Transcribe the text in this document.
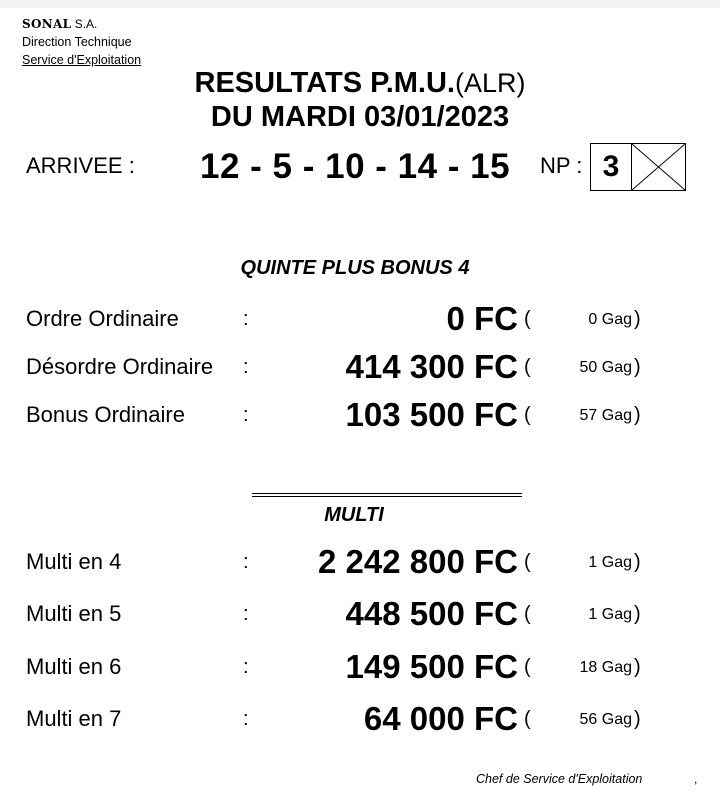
SONAL S.A.
Direction Technique
Service d'Exploitation
RESULTATS P.M.U.(ALR)
DU MARDI 03/01/2023
ARRIVEE : 12 - 5 - 10 - 14 - 15 NP : 3
QUINTE PLUS BONUS 4
Ordre Ordinaire	:	0 FC (	0 Gag )
Désordre Ordinaire :	414 300 FC (	50 Gag )
Bonus Ordinaire	:	103 500 FC (	57 Gag )
MULTI
Multi en 4	: 2 242 800 FC (	1 Gag )
Multi en 5	:	448 500 FC (	1 Gag )
Multi en 6	:	149 500 FC (	18 Gag )
Multi en 7	:	64 000 FC (	56 Gag )
Chef de Service d'Exploitation	,
